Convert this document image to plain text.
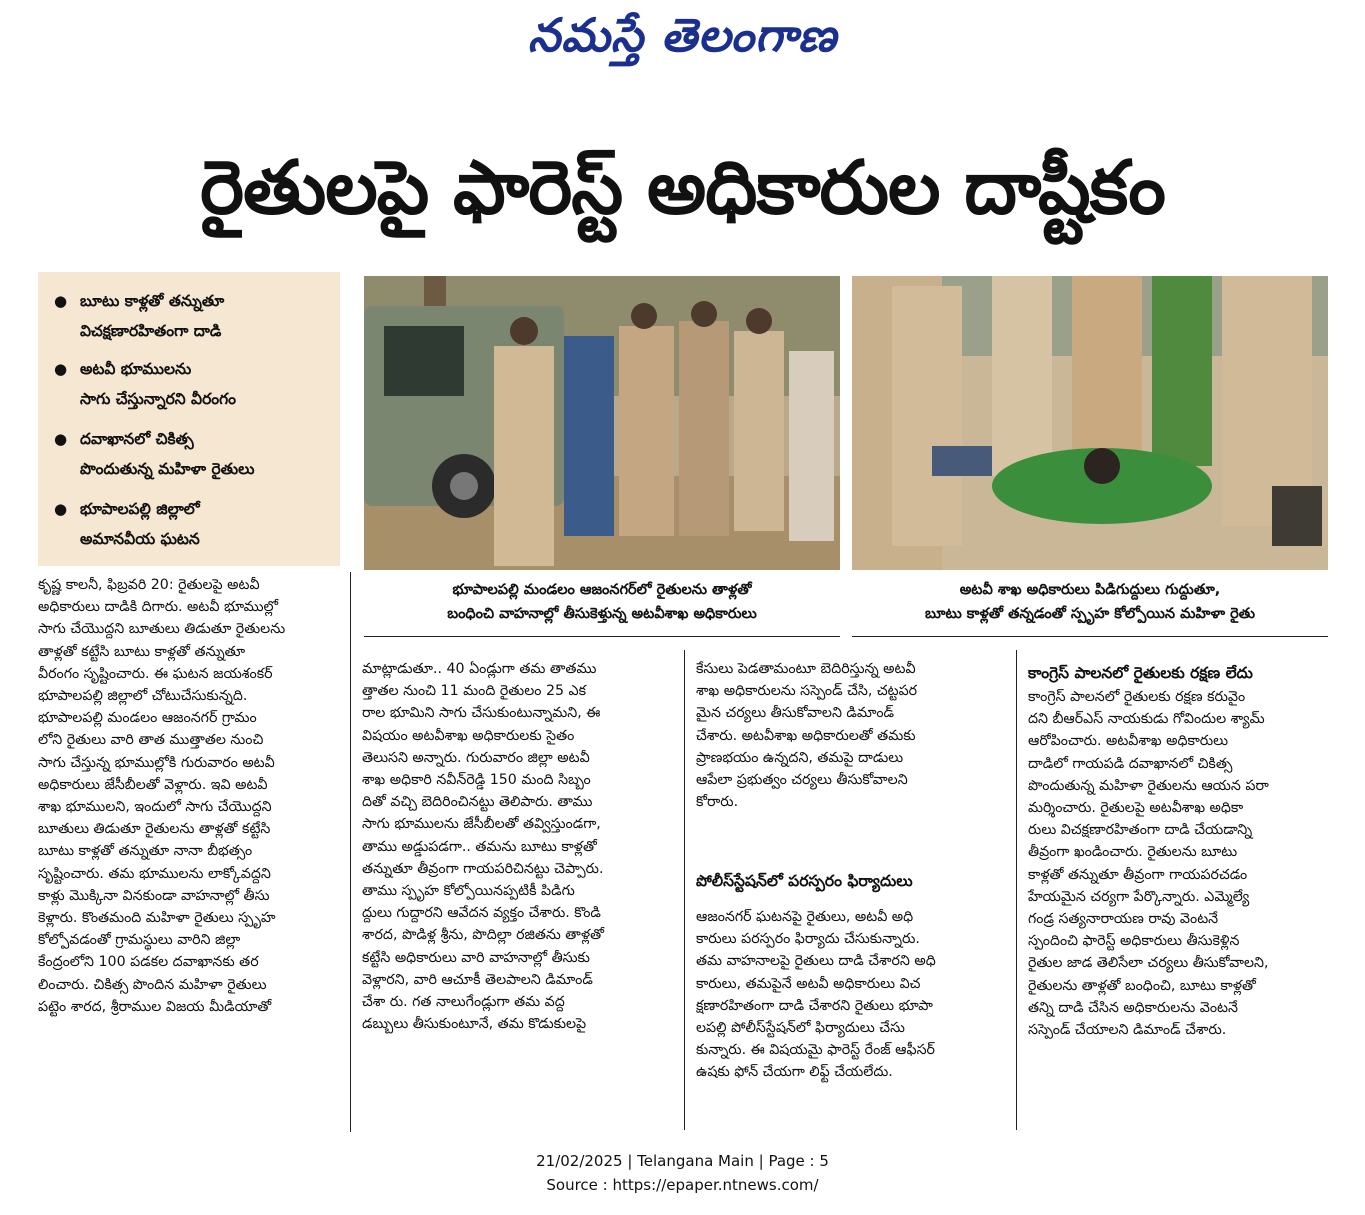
నమస్తే తెలంగాణ
రైతులపై ఫారెస్ట్‌ అధికారుల దాష్టీకం
● బూటు కాళ్లతో తన్నుతూ
విచక్షణారహితంగా దాడి
● అటవీ భూములను
సాగు చేస్తున్నారని వీరంగం
● దవాఖానలో చికిత్స
పొందుతున్న మహిళా రైతులు
● భూపాలపల్లి జిల్లాలో
అమానవీయ ఘటన
భూపాలపల్లి మండలం ఆజంనగర్‌లో రైతులను తాళ్లతో
బంధించి వాహనాల్లో తీసుకెళ్తున్న అటవీశాఖ అధికారులు
అటవీ శాఖ అధికారులు పిడిగుద్దులు గుద్దుతూ,
బూటు కాళ్లతో తన్నడంతో స్పృహ కోల్పోయిన మహిళా రైతు

కృష్ణ కాలనీ, ఫిబ్రవరి 20: రైతులపై అటవీ

అధికారులు దాడికి దిగారు. అటవీ భూముల్లో

సాగు చేయొద్దని బూతులు తిడుతూ రైతులను

తాళ్లతో కట్టేసి బూటు కాళ్లతో తన్నుతూ

వీరంగం సృష్టించారు. ఈ ఘటన జయశంకర్‌

భూపాలపల్లి జిల్లాలో చోటుచేసుకున్నది.

భూపాలపల్లి మండలం ఆజంనగర్‌ గ్రామం

లోని రైతులు వారి తాత ముత్తాతల నుంచి

సాగు చేస్తున్న భూముల్లోకి గురువారం అటవీ

అధికారులు జేసీబీలతో వెళ్లారు. ఇవి అటవీ

శాఖ భూములని, ఇందులో సాగు చేయొద్దని

బూతులు తిడుతూ రైతులను తాళ్లతో కట్టేసి

బూటు కాళ్లతో తన్నుతూ నానా బీభత్సం

సృష్టించారు. తమ భూములను లాక్కోవద్దని

కాళ్లు మొక్కినా వినకుండా వాహనాల్లో తీసు

కెళ్లారు. కొంతమంది మహిళా రైతులు స్పృహ

కోల్పోవడంతో గ్రామస్థులు వారిని జిల్లా

కేంద్రంలోని 100 పడకల దవాఖానకు తర

లించారు. చికిత్స పొందిన మహిళా రైతులు

పట్టెం శారద, శ్రీరాముల విజయ మీడియాతో

మాట్లాడుతూ.. 40 ఏండ్లుగా తమ తాతము

త్తాతల నుంచి 11 మంది రైతులం 25 ఎక

రాల భూమిని సాగు చేసుకుంటున్నామని, ఈ

విషయం అటవీశాఖ అధికారులకు సైతం

తెలుసని అన్నారు. గురువారం జిల్లా అటవీ

శాఖ అధికారి నవీన్‌రెడ్డి 150 మంది సిబ్బం

దితో వచ్చి బెదిరించినట్టు తెలిపారు. తాము

సాగు భూములను జేసీబీలతో తవ్విస్తుండగా,

తాము అడ్డుపడగా.. తమను బూటు కాళ్లతో

తన్నుతూ తీవ్రంగా గాయపరిచినట్టు చెప్పారు.

తాము స్పృహ కోల్పోయినప్పటికీ పిడిగు

ద్దులు గుద్దారని ఆవేదన వ్యక్తం చేశారు. కొండి

శారద, పొడిళ్ల శ్రీను, పొదిల్లా రజితను తాళ్లతో

కట్టేసి అధికారులు వారి వాహనాల్లో తీసుకు

వెళ్లారని, వారి ఆచూకీ తెలపాలని డిమాండ్‌

చేశా రు. గత నాలుగేండ్లుగా తమ వద్ద

డబ్బులు తీసుకుంటూనే, తమ కొడుకులపై

కేసులు పెడతామంటూ బెదిరిస్తున్న అటవీ

శాఖ అధికారులను సస్పెండ్‌ చేసి, చట్టపర

మైన చర్యలు తీసుకోవాలని డిమాండ్‌

చేశారు. అటవీశాఖ అధికారులతో తమకు

ప్రాణభయం ఉన్నదని, తమపై దాడులు

ఆపేలా ప్రభుత్వం చర్యలు తీసుకోవాలని

కోరారు.

పోలీస్‌స్టేషన్‌లో పరస్పరం ఫిర్యాదులు

ఆజంనగర్‌ ఘటనపై రైతులు, అటవీ అధి

కారులు పరస్పరం ఫిర్యాదు చేసుకున్నారు.

తమ వాహనాలపై రైతులు దాడి చేశారని అధి

కారులు, తమపైనే అటవీ అధికారులు విచ

క్షణారహితంగా దాడి చేశారని రైతులు భూపా

లపల్లి పోలీస్‌స్టేషన్‌లో ఫిర్యాదులు చేసు

కున్నారు. ఈ విషయమై ఫారెస్ట్‌ రేంజ్‌ ఆఫీసర్‌

ఉషకు ఫోన్‌ చేయగా లిఫ్ట్‌ చేయలేదు.

కాంగ్రెస్‌ పాలనలో రైతులకు రక్షణ లేదు

కాంగ్రెస్‌ పాలనలో రైతులకు రక్షణ కరువైం

దని బీఆర్‌ఎస్‌ నాయకుడు గోవిందుల శ్యామ్‌

ఆరోపించారు. అటవీశాఖ అధికారులు

దాడిలో గాయపడి దవాఖానలో చికిత్స

పొందుతున్న మహిళా రైతులను ఆయన పరా

మర్శించారు. రైతులపై అటవీశాఖ అధికా

రులు విచక్షణారహితంగా దాడి చేయడాన్ని

తీవ్రంగా ఖండించారు. రైతులను బూటు

కాళ్లతో తన్నుతూ తీవ్రంగా గాయపరచడం

హేయమైన చర్యగా పేర్కొన్నారు. ఎమ్మెల్యే

గండ్ర సత్యనారాయణ రావు వెంటనే

స్పందించి ఫారెస్ట్‌ అధికారులు తీసుకెళ్లిన

రైతుల జాడ తెలిసేలా చర్యలు తీసుకోవాలని,

రైతులను తాళ్లతో బంధించి, బూటు కాళ్లతో

తన్ని దాడి చేసిన అధికారులను వెంటనే

సస్పెండ్‌ చేయాలని డిమాండ్‌ చేశారు.

21/02/2025 | Telangana Main | Page : 5
Source : https://epaper.ntnews.com/
